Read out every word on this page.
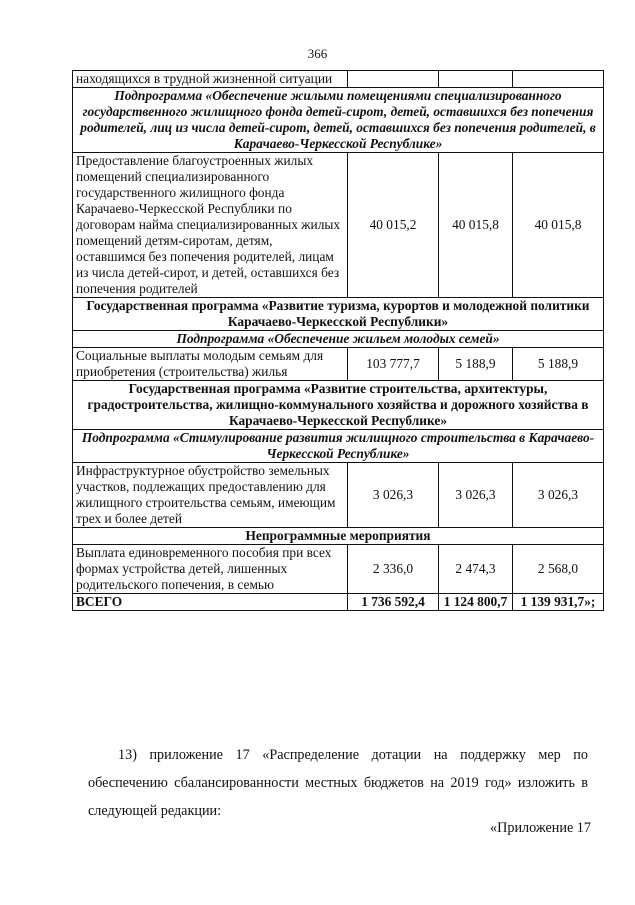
366
находящихся в трудной жизненной ситуации			
Подпрограмма «Обеспечение жилыми помещениями специализированного государственного жилищного фонда детей-сирот, детей, оставшихся без попечения родителей, лиц из числа детей-сирот, детей, оставшихся без попечения родителей, в Карачаево-Черкесской Республике»			
Предоставление благоустроенных жилых помещений специализированного государственного жилищного фонда Карачаево-Черкесской Республики по договорам найма специализированных жилых помещений детям-сиротам, детям, оставшимся без попечения родителей, лицам из числа детей-сирот, и детей, оставшихся без попечения родителей	40 015,2	40 015,8	40 015,8
Государственная программа «Развитие туризма, курортов и молодежной политики Карачаево-Черкесской Республики»			
Подпрограмма «Обеспечение жильем молодых семей»			
Социальные выплаты молодым семьям для приобретения (строительства) жилья	103 777,7	5 188,9	5 188,9
Государственная программа «Развитие строительства, архитектуры, градостроительства, жилищно-коммунального хозяйства и дорожного хозяйства в Карачаево-Черкесской Республике»			
Подпрограмма «Стимулирование развития жилищного строительства в Карачаево-Черкесской Республике»			
Инфраструктурное обустройство земельных участков, подлежащих предоставлению для жилищного строительства семьям, имеющим трех и более детей	3 026,3	3 026,3	3 026,3
Непрограммные мероприятия			
Выплата единовременного пособия при всех формах устройства детей, лишенных родительского попечения, в семью	2 336,0	2 474,3	2 568,0
ВСЕГО	1 736 592,4	1 124 800,7	1 139 931,7»;
13) приложение 17 «Распределение дотации на поддержку мер по обеспечению сбалансированности местных бюджетов на 2019 год» изложить в следующей редакции:
«Приложение 17
